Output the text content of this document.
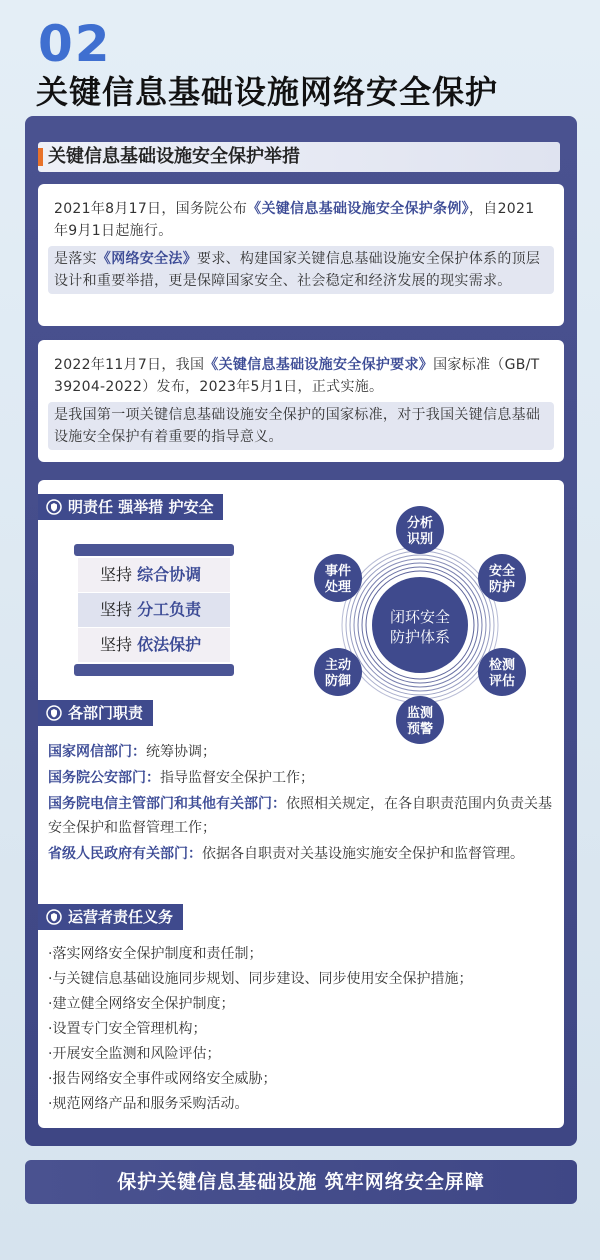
02
关键信息基础设施网络安全保护
关键信息基础设施安全保护举措
2021年8月17日，国务院公布《关键信息基础设施安全保护条例》，自2021年9月1日起施行。
是落实《网络安全法》要求、构建国家关键信息基础设施安全保护体系的顶层设计和重要举措，更是保障国家安全、社会稳定和经济发展的现实需求。
2022年11月7日，我国《关键信息基础设施安全保护要求》国家标准（GB/T 39204-2022）发布，2023年5月1日，正式实施。
是我国第一项关键信息基础设施安全保护的国家标准，对于我国关键信息基础设施安全保护有着重要的指导意义。
明责任 强举措 护安全
坚持 综合协调
坚持 分工负责
坚持 依法保护
闭环安全
防护体系
分析
识别
安全
防护
检测
评估
监测
预警
主动
防御
事件
处理
各部门职责
国家网信部门：统筹协调；
国务院公安部门：指导监督安全保护工作；
国务院电信主管部门和其他有关部门：依照相关规定，在各自职责范围内负责关基安全保护和监督管理工作；
省级人民政府有关部门：依据各自职责对关基设施实施安全保护和监督管理。
运营者责任义务
·落实网络安全保护制度和责任制；
·与关键信息基础设施同步规划、同步建设、同步使用安全保护措施；
·建立健全网络安全保护制度；
·设置专门安全管理机构；
·开展安全监测和风险评估；
·报告网络安全事件或网络安全威胁；
·规范网络产品和服务采购活动。
保护关键信息基础设施 筑牢网络安全屏障
